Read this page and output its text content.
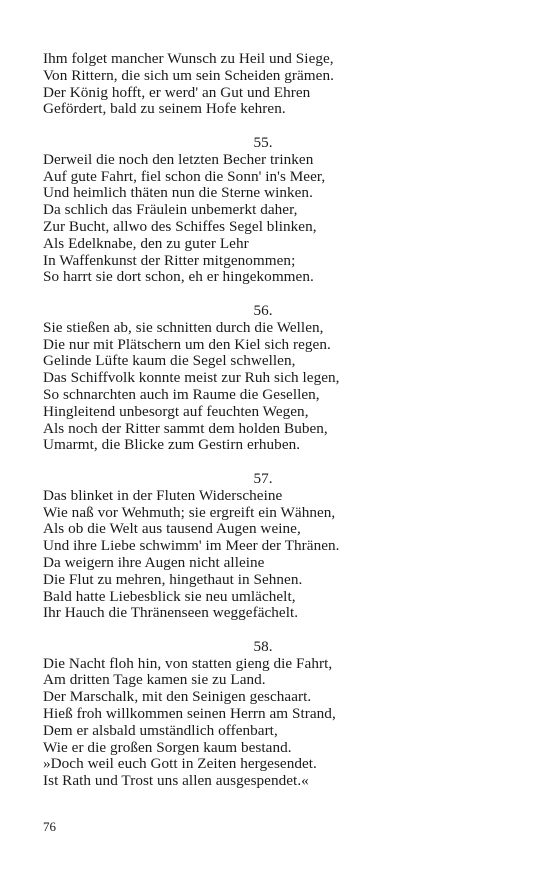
Ihm folget mancher Wunsch zu Heil und Siege,
Von Rittern, die sich um sein Scheiden grämen.
Der König hofft, er werd' an Gut und Ehren
Gefördert, bald zu seinem Hofe kehren.
55.
Derweil die noch den letzten Becher trinken
Auf gute Fahrt, fiel schon die Sonn' in's Meer,
Und heimlich thäten nun die Sterne winken.
Da schlich das Fräulein unbemerkt daher,
Zur Bucht, allwo des Schiffes Segel blinken,
Als Edelknabe, den zu guter Lehr
In Waffenkunst der Ritter mitgenommen;
So harrt sie dort schon, eh er hingekommen.
56.
Sie stießen ab, sie schnitten durch die Wellen,
Die nur mit Plätschern um den Kiel sich regen.
Gelinde Lüfte kaum die Segel schwellen,
Das Schiffvolk konnte meist zur Ruh sich legen,
So schnarchten auch im Raume die Gesellen,
Hingleitend unbesorgt auf feuchten Wegen,
Als noch der Ritter sammt dem holden Buben,
Umarmt, die Blicke zum Gestirn erhuben.
57.
Das blinket in der Fluten Widerscheine
Wie naß vor Wehmuth; sie ergreift ein Wähnen,
Als ob die Welt aus tausend Augen weine,
Und ihre Liebe schwimm' im Meer der Thränen.
Da weigern ihre Augen nicht alleine
Die Flut zu mehren, hingethaut in Sehnen.
Bald hatte Liebesblick sie neu umlächelt,
Ihr Hauch die Thränenseen weggefächelt.
58.
Die Nacht floh hin, von statten gieng die Fahrt,
Am dritten Tage kamen sie zu Land.
Der Marschalk, mit den Seinigen geschaart.
Hieß froh willkommen seinen Herrn am Strand,
Dem er alsbald umständlich offenbart,
Wie er die großen Sorgen kaum bestand.
»Doch weil euch Gott in Zeiten hergesendet.
Ist Rath und Trost uns allen ausgespendet.«
76
